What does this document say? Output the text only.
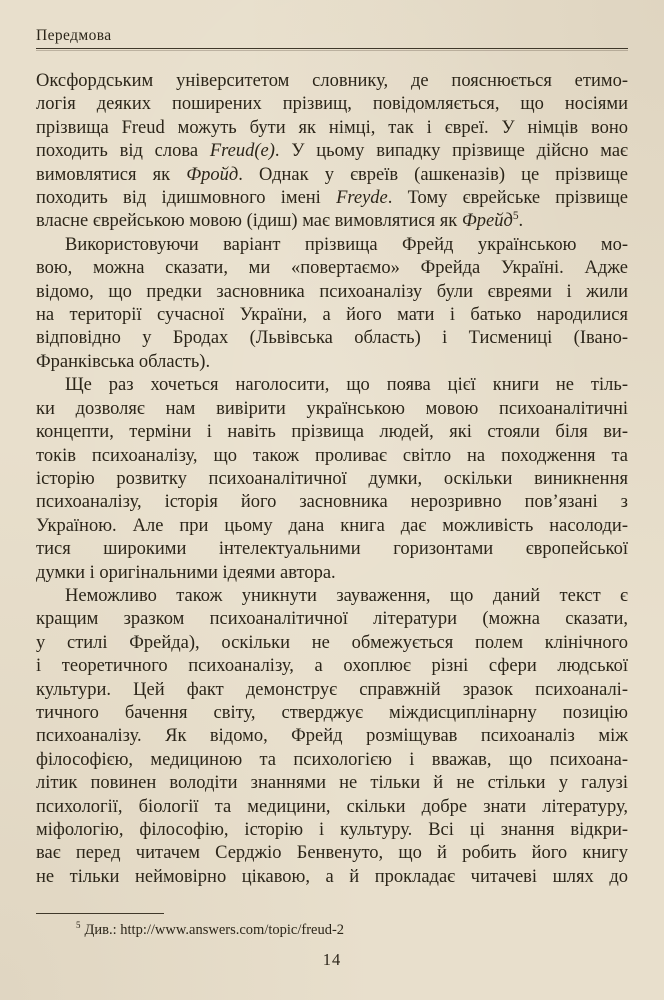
Передмова
Оксфордським університетом словнику, де пояснюється етимо-
логія деяких поширених прізвищ, повідомляється, що носіями
прізвища Freud можуть бути як німці, так і євреї. У німців воно
походить від слова Freud(e). У цьому випадку прізвище дійсно має
вимовлятися як Фройд. Однак у євреїв (ашкеназів) це прізвище
походить від ідишмовного імені Freyde. Тому єврейське прізвище
власне єврейською мовою (ідиш) має вимовлятися як Фрейд$^5$.
Використовуючи варіант прізвища Фрейд українською мо-
вою, можна сказати, ми «повертаємо» Фрейда Україні. Адже
відомо, що предки засновника психоаналізу були євреями і жили
на території сучасної України, а його мати і батько народилися
відповідно у Бродах (Львівська область) і Тисмениці (Івано-
Франківська область).
Ще раз хочеться наголосити, що поява цієї книги не тіль-
ки дозволяє нам вивірити українською мовою психоаналітичні
концепти, терміни і навіть прізвища людей, які стояли біля ви-
токів психоаналізу, що також проливає світло на походження та
історію розвитку психоаналітичної думки, оскільки виникнення
психоаналізу, історія його засновника нерозривно пов’язані з
Україною. Але при цьому дана книга дає можливість насолоди-
тися широкими інтелектуальними горизонтами європейської
думки і оригінальними ідеями автора.
Неможливо також уникнути зауваження, що даний текст є
кращим зразком психоаналітичної літератури (можна сказати,
у стилі Фрейда), оскільки не обмежується полем клінічного
і теоретичного психоаналізу, а охоплює різні сфери людської
культури. Цей факт демонструє справжній зразок психоаналі-
тичного бачення світу, стверджує міждисциплінарну позицію
психоаналізу. Як відомо, Фрейд розміщував психоаналіз між
філософією, медициною та психологією і вважав, що психоана-
літик повинен володіти знаннями не тільки й не стільки у галузі
психології, біології та медицини, скільки добре знати літературу,
міфологію, філософію, історію і культуру. Всі ці знання відкри-
ває перед читачем Серджіо Бенвенуто, що й робить його книгу
не тільки неймовірно цікавою, а й прокладає читачеві шлях до
$^5$ Див.: http://www.answers.com/topic/freud-2
14
